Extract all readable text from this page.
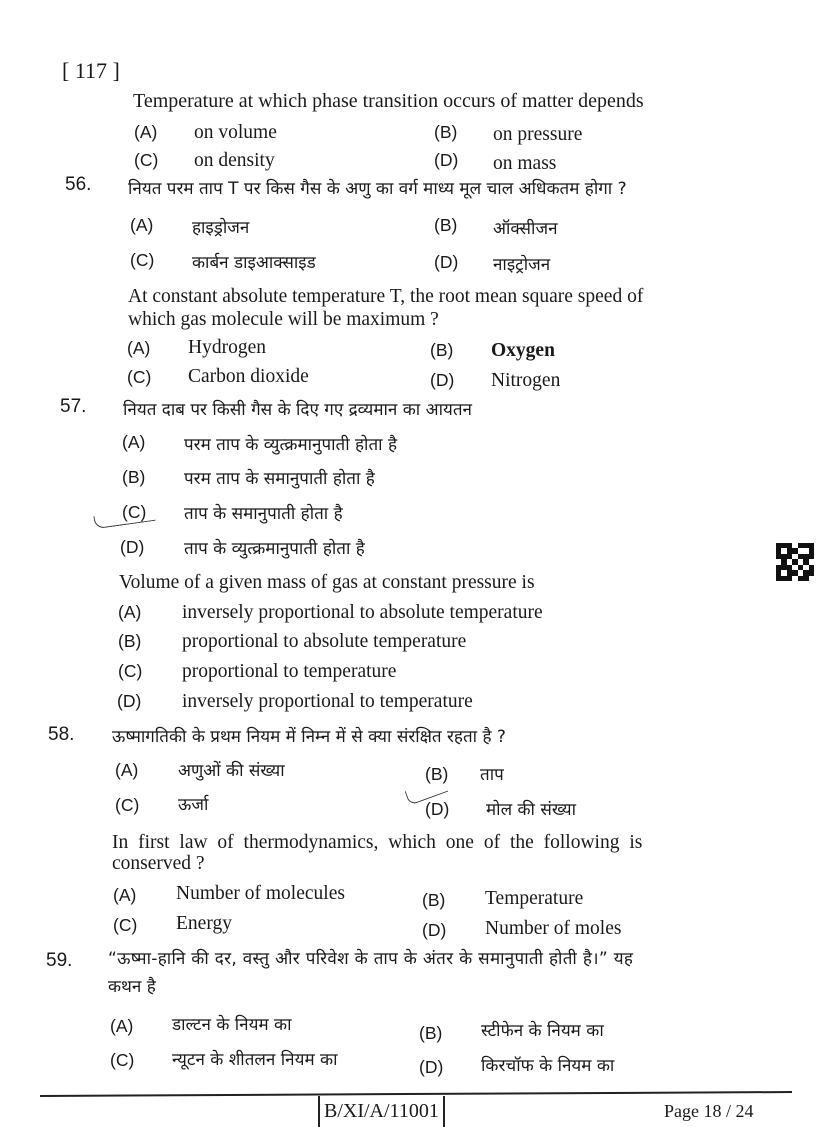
[ 117 ]
Temperature at which phase transition occurs of matter depends
(A) on volume	(B) on pressure
(C) on density	(D) on mass
56. नियत परम ताप T पर किस गैस के अणु का वर्ग माध्य मूल चाल अधिकतम होगा ?
(A) हाइड्रोजन	(B) ऑक्सीजन
(C) कार्बन डाइआक्साइड	(D) नाइट्रोजन
At constant absolute temperature T, the root mean square speed of
which gas molecule will be maximum ?
(A) Hydrogen	(B) Oxygen
(C) Carbon dioxide	(D) Nitrogen
57. नियत दाब पर किसी गैस के दिए गए द्रव्यमान का आयतन
(A) परम ताप के व्युत्क्रमानुपाती होता है
(B) परम ताप के समानुपाती होता है
(C) ताप के समानुपाती होता है
(D) ताप के व्युत्क्रमानुपाती होता है
Volume of a given mass of gas at constant pressure is
(A) inversely proportional to absolute temperature
(B) proportional to absolute temperature
(C) proportional to temperature
(D) inversely proportional to temperature
58. ऊष्मागतिकी के प्रथम नियम में निम्न में से क्या संरक्षित रहता है ?
(A) अणुओं की संख्या	(B) ताप
(C) ऊर्जा	(D) मोल की संख्या
In first law of thermodynamics, which one of the following is
conserved ?
(A) Number of molecules	(B) Temperature
(C) Energy	(D) Number of moles
59. “ऊष्मा-हानि की दर, वस्तु और परिवेश के ताप के अंतर के समानुपाती होती है।” यह
कथन है
(A) डाल्टन के नियम का	(B) स्टीफेन के नियम का
(C) न्यूटन के शीतलन नियम का	(D) किरचॉफ के नियम का
B/XI/A/11001	Page 18 / 24
